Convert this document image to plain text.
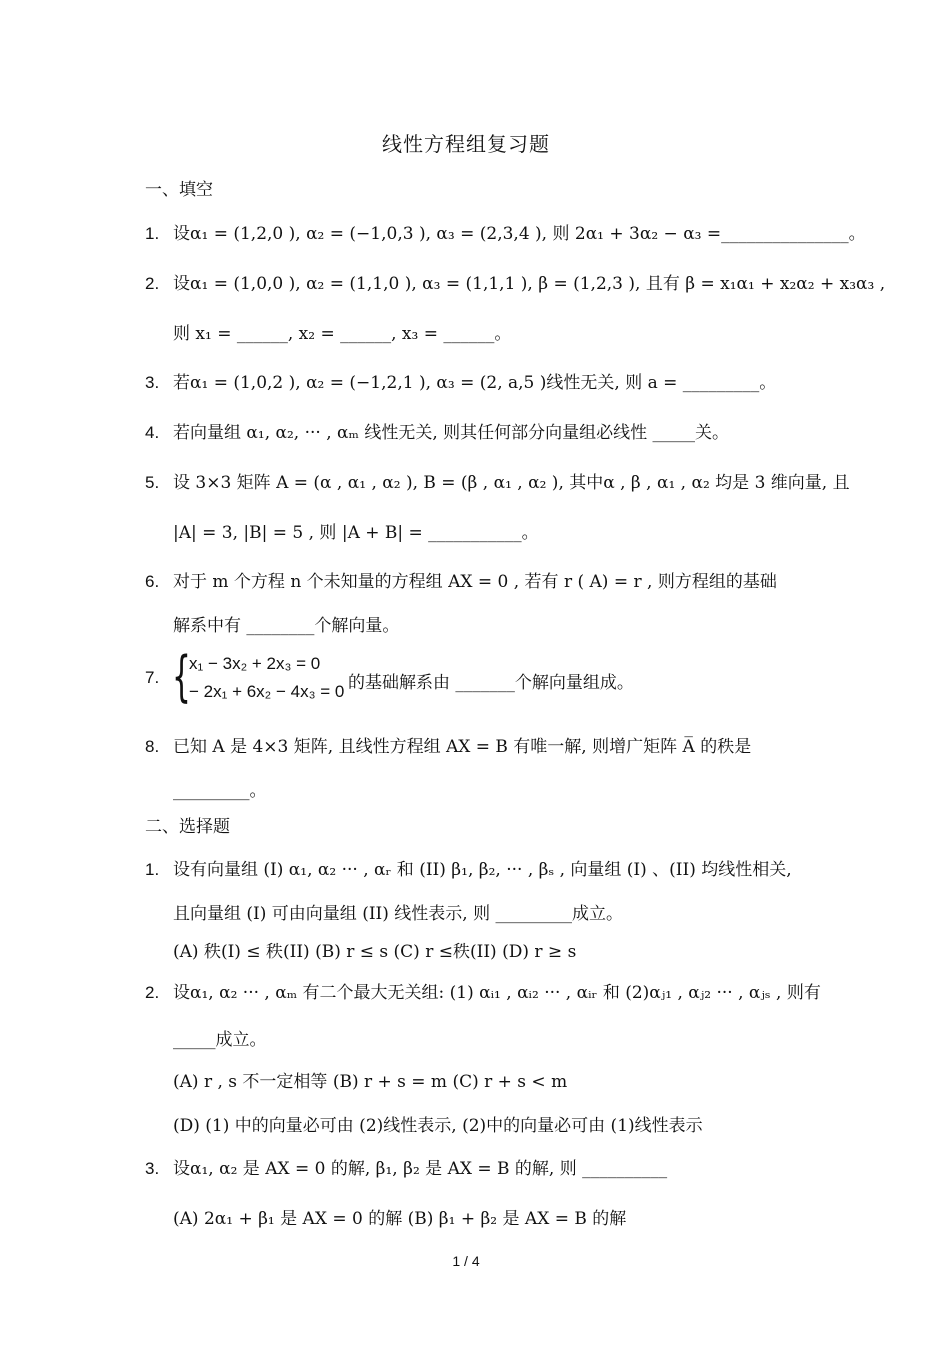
线性方程组复习题
一、填空
1. 设α₁ = (1,2,0 ), α₂ = (−1,0,3 ), α₃ = (2,3,4 ), 则 2α₁ + 3α₂ − α₃ =_______________。
2. 设α₁ = (1,0,0 ), α₂ = (1,1,0 ), α₃ = (1,1,1 ), β = (1,2,3 ), 且有 β = x₁α₁ + x₂α₂ + x₃α₃ ,
则 x₁ = ______, x₂ = ______, x₃ = ______。
3. 若α₁ = (1,0,2 ), α₂ = (−1,2,1 ), α₃ = (2, a,5 )线性无关, 则 a = _________。
4. 若向量组 α₁, α₂, ··· , αₘ 线性无关, 则其任何部分向量组必线性 _____关。
5. 设 3×3 矩阵 A = (α , α₁ , α₂ ), B = (β , α₁ , α₂ ), 其中α , β , α₁ , α₂ 均是 3 维向量, 且
|A| = 3, |B| = 5 , 则 |A + B| = ___________。
6. 对于 m 个方程 n 个未知量的方程组 AX = 0 , 若有 r ( A) = r , 则方程组的基础
解系中有 ________个解向量。
7. {
x₁ − 3x₂ + 2x₃ = 0
− 2x₁ + 6x₂ − 4x₃ = 0 的基础解系由 _______个解向量组成。
8. 已知 A 是 4×3 矩阵, 且线性方程组 AX = B 有唯一解, 则增广矩阵 A̅ 的秩是
_________。
二、选择题
1. 设有向量组 (I) α₁, α₂ ··· , αᵣ 和 (II) β₁, β₂, ··· , βₛ , 向量组 (I) 、(II) 均线性相关,
且向量组 (I) 可由向量组 (II) 线性表示, 则 _________成立。
(A) 秩(I) ≤ 秩(II) (B) r ≤ s (C) r ≤秩(II) (D) r ≥ s
2. 设α₁, α₂ ··· , αₘ 有二个最大无关组: (1) αᵢ₁ , αᵢ₂ ··· , αᵢᵣ 和 (2)αⱼ₁ , αⱼ₂ ··· , αⱼₛ , 则有
_____成立。
(A) r , s 不一定相等 (B) r + s = m (C) r + s < m
(D) (1) 中的向量必可由 (2)线性表示, (2)中的向量必可由 (1)线性表示
3. 设α₁, α₂ 是 AX = 0 的解, β₁, β₂ 是 AX = B 的解, 则 __________
(A) 2α₁ + β₁ 是 AX = 0 的解 (B) β₁ + β₂ 是 AX = B 的解
1 / 4
